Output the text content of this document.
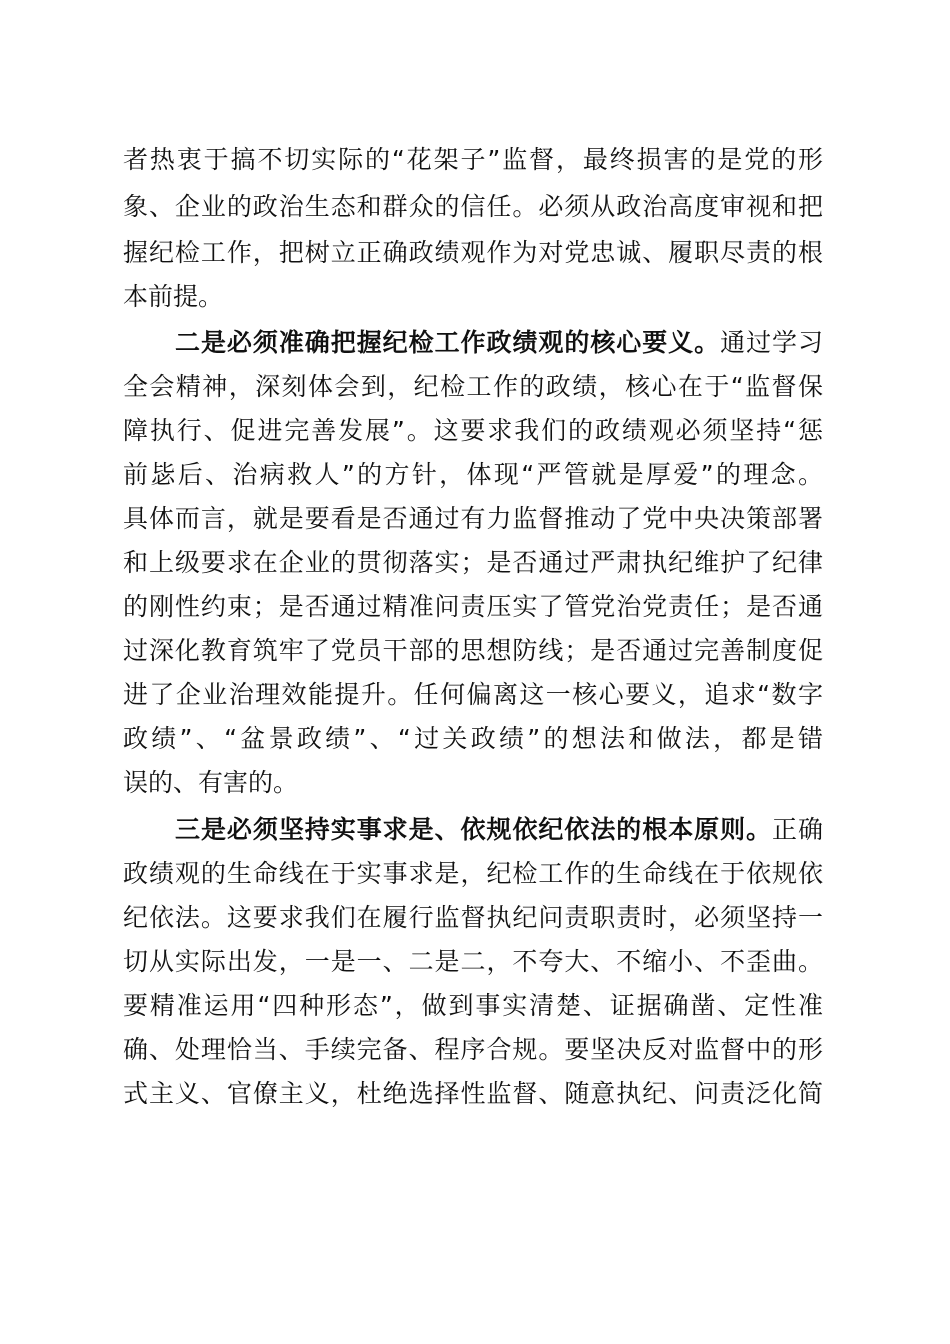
者热衷于搞不切实际的“花架子”监督，最终损害的是党的形
象、企业的政治生态和群众的信任。必须从政治高度审视和把
握纪检工作，把树立正确政绩观作为对党忠诚、履职尽责的根
本前提。
二是必须准确把握纪检工作政绩观的核心要义。通过学习
全会精神，深刻体会到，纪检工作的政绩，核心在于“监督保
障执行、促进完善发展”。这要求我们的政绩观必须坚持“惩
前毖后、治病救人”的方针，体现“严管就是厚爱”的理念。
具体而言，就是要看是否通过有力监督推动了党中央决策部署
和上级要求在企业的贯彻落实；是否通过严肃执纪维护了纪律
的刚性约束；是否通过精准问责压实了管党治党责任；是否通
过深化教育筑牢了党员干部的思想防线；是否通过完善制度促
进了企业治理效能提升。任何偏离这一核心要义，追求“数字
政绩”、“盆景政绩”、“过关政绩”的想法和做法，都是错
误的、有害的。
三是必须坚持实事求是、依规依纪依法的根本原则。正确
政绩观的生命线在于实事求是，纪检工作的生命线在于依规依
纪依法。这要求我们在履行监督执纪问责职责时，必须坚持一
切从实际出发，一是一、二是二，不夸大、不缩小、不歪曲。
要精准运用“四种形态”，做到事实清楚、证据确凿、定性准
确、处理恰当、手续完备、程序合规。要坚决反对监督中的形
式主义、官僚主义，杜绝选择性监督、随意执纪、问责泛化简
